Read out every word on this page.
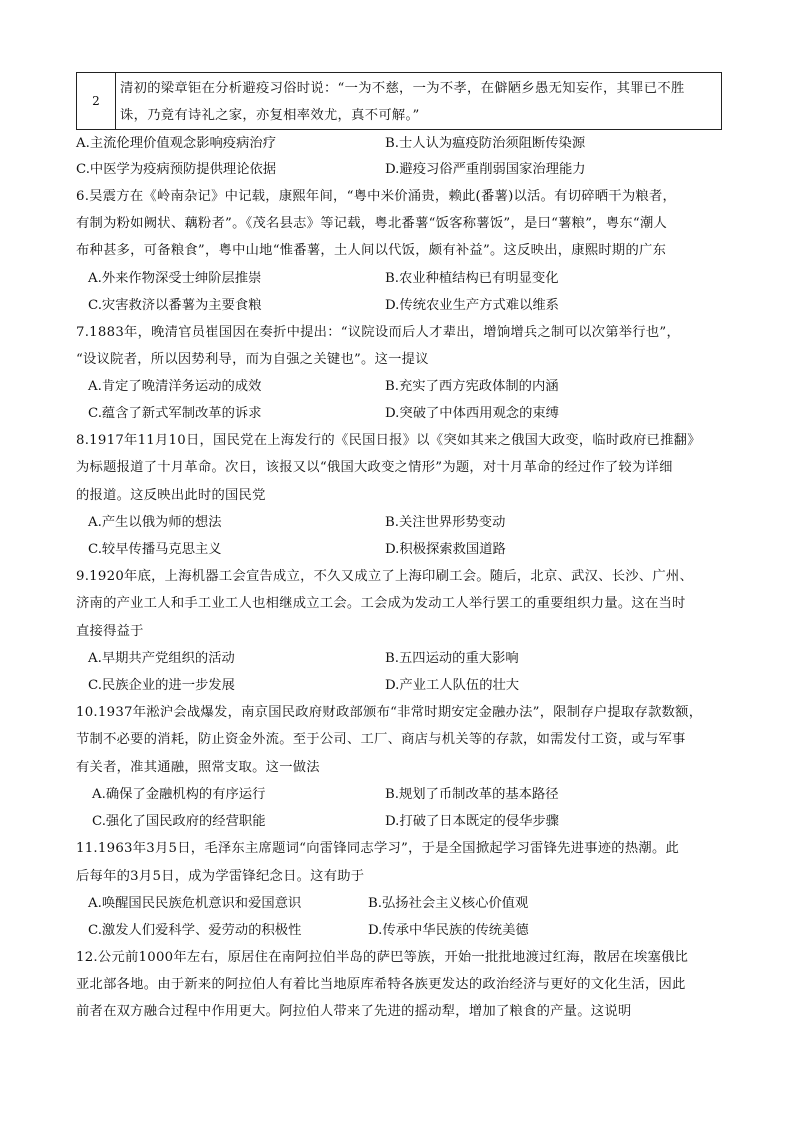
2
清初的梁章钜在分析避疫习俗时说：“一为不慈，一为不孝，在僻陋乡愚无知妄作，其罪已不胜
诛，乃竟有诗礼之家，亦复相率效尤，真不可解。”
A.主流伦理价值观念影响疫病治疗	B.士人认为瘟疫防治须阻断传染源
C.中医学为疫病预防提供理论依据	D.避疫习俗严重削弱国家治理能力
6.吴震方在《岭南杂记》中记载，康熙年间，“粤中米价涌贵，赖此(番薯)以活。有切碎晒干为粮者，
有制为粉如阙状、藕粉者”。《茂名县志》等记载，粤北番薯“饭客称薯饭”，是曰“薯粮”，粤东“潮人
布种甚多，可备粮食”，粤中山地“惟番薯，土人间以代饭，颇有补益”。这反映出，康熙时期的广东
A.外来作物深受士绅阶层推崇	B.农业种植结构已有明显变化
C.灾害救济以番薯为主要食粮	D.传统农业生产方式难以维系
7.1883年，晚清官员崔国因在奏折中提出：“议院设而后人才辈出，增饷增兵之制可以次第举行也”，
“设议院者，所以因势利导，而为自强之关键也”。这一提议
A.肯定了晚清洋务运动的成效	B.充实了西方宪政体制的内涵
C.蕴含了新式军制改革的诉求	D.突破了中体西用观念的束缚
8.1917年11月10日，国民党在上海发行的《民国日报》以《突如其来之俄国大政变，临时政府已推翻》
为标题报道了十月革命。次日，该报又以“俄国大政变之情形”为题，对十月革命的经过作了较为详细
的报道。这反映出此时的国民党
A.产生以俄为师的想法	B.关注世界形势变动
C.较早传播马克思主义	D.积极探索救国道路
9.1920年底，上海机器工会宣告成立，不久又成立了上海印刷工会。随后，北京、武汉、长沙、广州、
济南的产业工人和手工业工人也相继成立工会。工会成为发动工人举行罢工的重要组织力量。这在当时
直接得益于
A.早期共产党组织的活动	B.五四运动的重大影响
C.民族企业的进一步发展	D.产业工人队伍的壮大
10.1937年淞沪会战爆发，南京国民政府财政部颁布“非常时期安定金融办法”，限制存户提取存款数额，
节制不必要的消耗，防止资金外流。至于公司、工厂、商店与机关等的存款，如需发付工资，或与军事
有关者，准其通融，照常支取。这一做法
A.确保了金融机构的有序运行	B.规划了币制改革的基本路径
C.强化了国民政府的经营职能	D.打破了日本既定的侵华步骤
11.1963年3月5日，毛泽东主席题词“向雷锋同志学习”，于是全国掀起学习雷锋先进事迹的热潮。此
后每年的3月5日，成为学雷锋纪念日。这有助于
A.唤醒国民民族危机意识和爱国意识	B.弘扬社会主义核心价值观
C.激发人们爱科学、爱劳动的积极性	D.传承中华民族的传统美德
12.公元前1000年左右，原居住在南阿拉伯半岛的萨巴等族，开始一批批地渡过红海，散居在埃塞俄比
亚北部各地。由于新来的阿拉伯人有着比当地原库希特各族更发达的政治经济与更好的文化生活，因此
前者在双方融合过程中作用更大。阿拉伯人带来了先进的摇动犁，增加了粮食的产量。这说明
